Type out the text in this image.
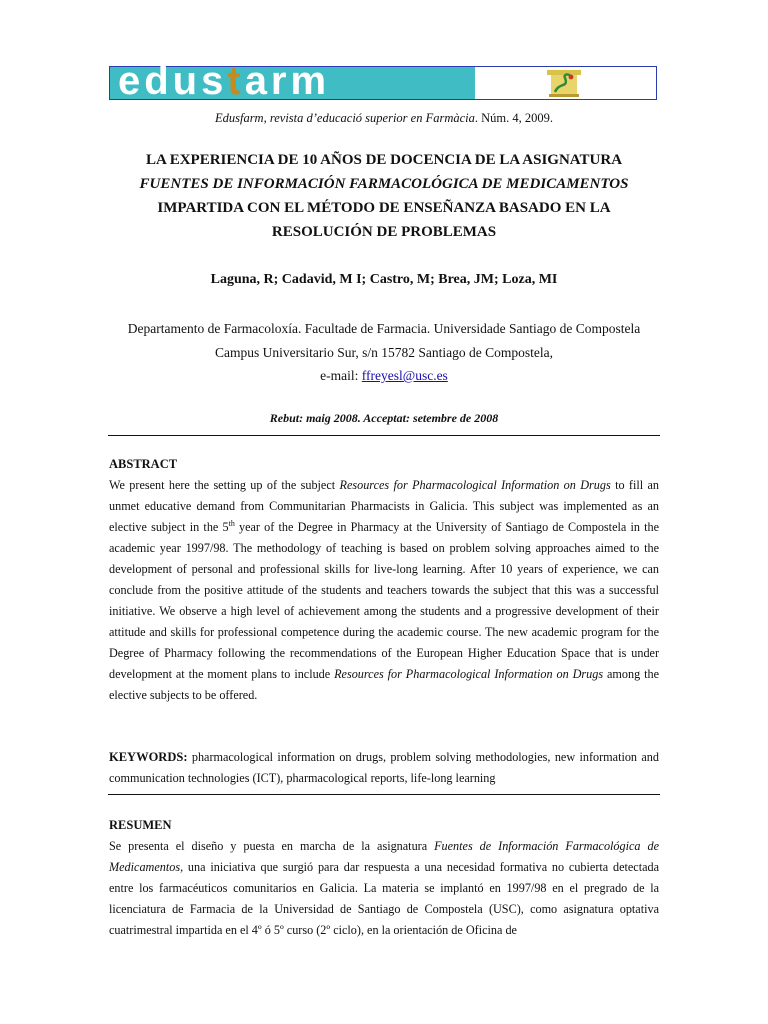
edustarm
Edusfarm, revista d’educació superior en Farmàcia. Núm. 4, 2009.
LA EXPERIENCIA DE 10 AÑOS DE DOCENCIA DE LA ASIGNATURA
FUENTES DE INFORMACIÓN FARMACOLÓGICA DE MEDICAMENTOS
IMPARTIDA CON EL MÉTODO DE ENSEÑANZA BASADO EN LA
RESOLUCIÓN DE PROBLEMAS
Laguna, R; Cadavid, M I; Castro, M; Brea, JM; Loza, MI
Departamento de Farmacoloxía. Facultade de Farmacia. Universidade Santiago de Compostela
Campus Universitario Sur, s/n 15782 Santiago de Compostela,
e-mail: ffreyesl@usc.es
Rebut: maig 2008. Acceptat: setembre de 2008
ABSTRACT
We present here the setting up of the subject Resources for Pharmacological Information on Drugs to fill an unmet educative demand from Communitarian Pharmacists in Galicia. This subject was implemented as an elective subject in the 5th year of the Degree in Pharmacy at the University of Santiago de Compostela in the academic year 1997/98. The methodology of teaching is based on problem solving approaches aimed to the development of personal and professional skills for live-long learning. After 10 years of experience, we can conclude from the positive attitude of the students and teachers towards the subject that this was a successful initiative. We observe a high level of achievement among the students and a progressive development of their attitude and skills for professional competence during the academic course. The new academic program for the Degree of Pharmacy following the recommendations of the European Higher Education Space that is under development at the moment plans to include Resources for Pharmacological Information on Drugs among the elective subjects to be offered.
KEYWORDS: pharmacological information on drugs, problem solving methodologies, new information and communication technologies (ICT), pharmacological reports, life-long learning
RESUMEN
Se presenta el diseño y puesta en marcha de la asignatura Fuentes de Información Farmacológica de Medicamentos, una iniciativa que surgió para dar respuesta a una necesidad formativa no cubierta detectada entre los farmacéuticos comunitarios en Galicia. La materia se implantó en 1997/98 en el pregrado de la licenciatura de Farmacia de la Universidad de Santiago de Compostela (USC), como asignatura optativa cuatrimestral impartida en el 4º ó 5º curso (2º ciclo), en la orientación de Oficina de
